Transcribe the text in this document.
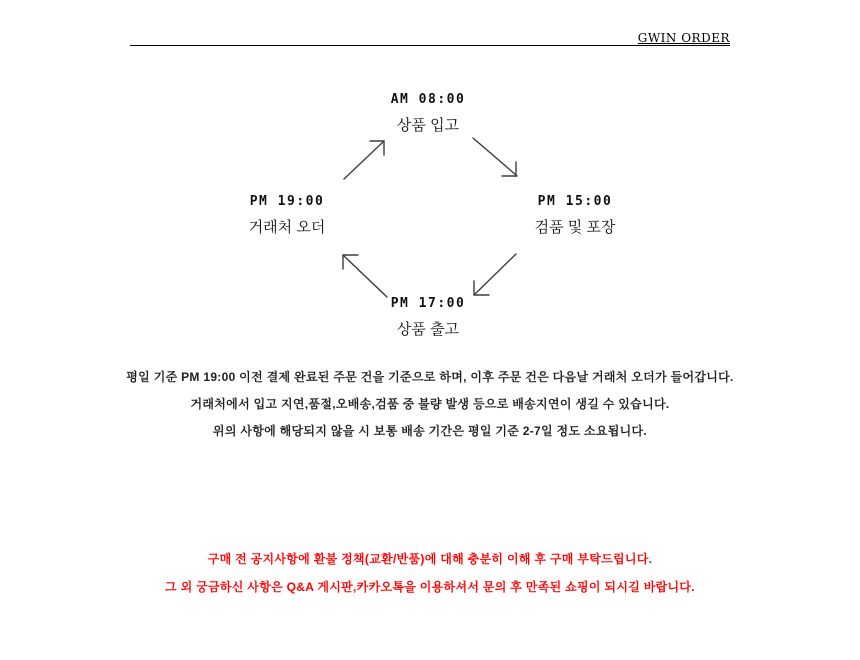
GWIN ORDER
AM 08:00
상품 입고
PM 15:00
검품 및 포장
PM 17:00
상품 출고
PM 19:00
거래처 오더
평일 기준 PM 19:00 이전 결제 완료된 주문 건을 기준으로 하며, 이후 주문 건은 다음날 거래처 오더가 들어갑니다.
거래처에서 입고 지연,품절,오배송,검품 중 불량 발생 등으로 배송지연이 생길 수 있습니다.
위의 사항에 해당되지 않을 시 보통 배송 기간은 평일 기준 2-7일 정도 소요됩니다.
구매 전 공지사항에 환불 정책(교환/반품)에 대해 충분히 이해 후 구매 부탁드립니다.
그 외 궁금하신 사항은 Q&A 게시판,카카오톡을 이용하셔서 문의 후 만족된 쇼핑이 되시길 바랍니다.
